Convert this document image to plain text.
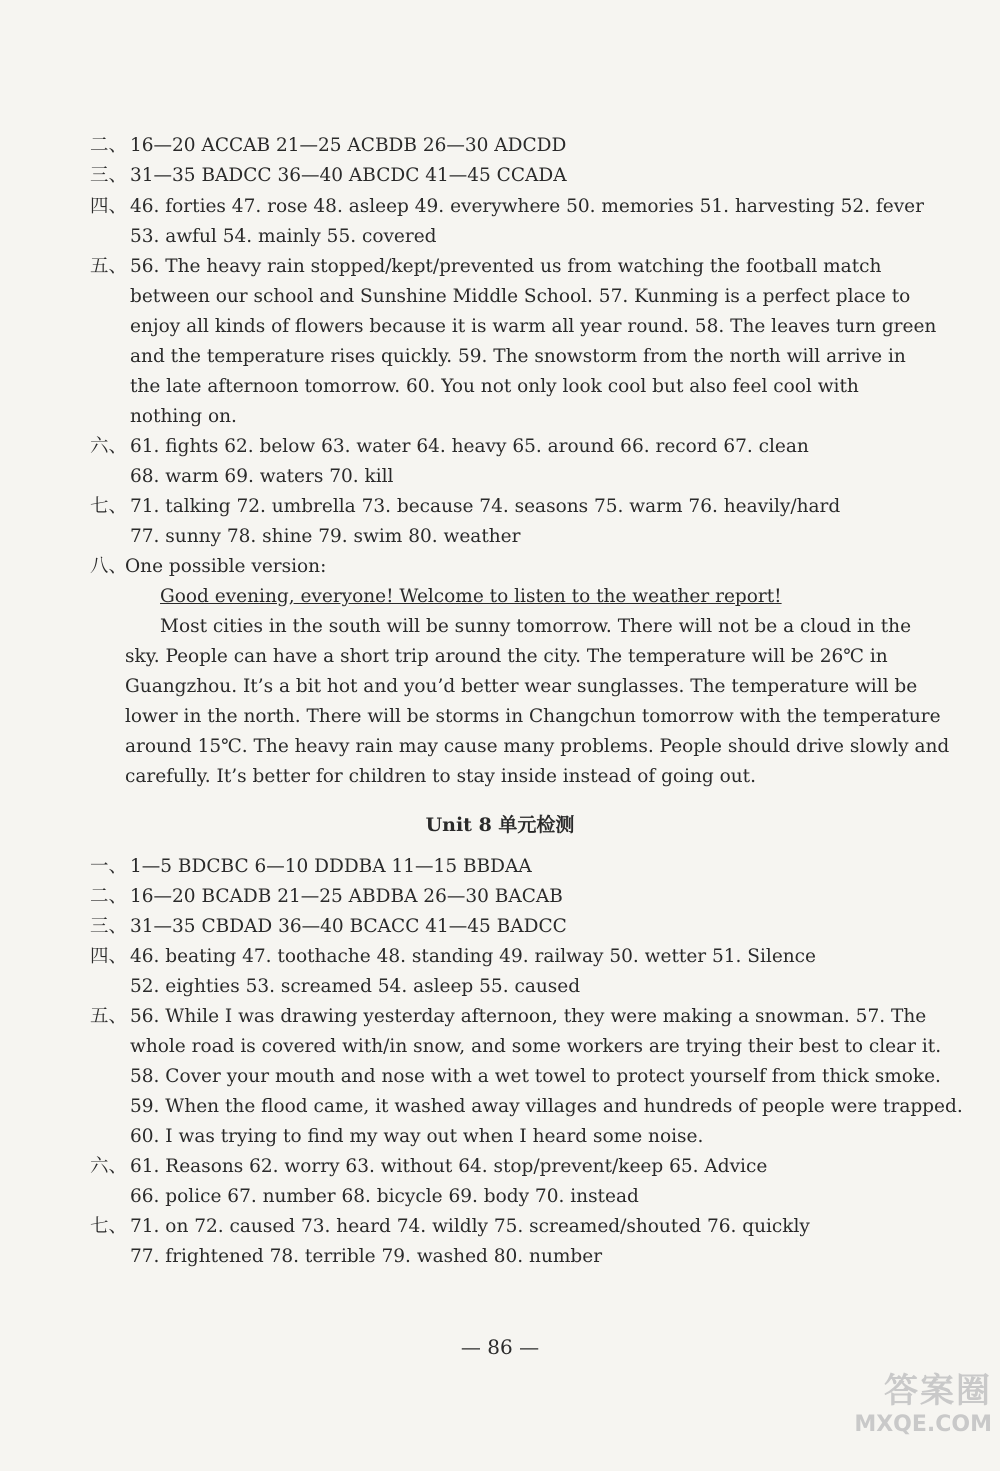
二、 16—20 ACCAB 21—25 ACBDB 26—30 ADCDD
三、 31—35 BADCC 36—40 ABCDC 41—45 CCADA
四、 46. forties 47. rose 48. asleep 49. everywhere 50. memories 51. harvesting 52. fever
53. awful 54. mainly 55. covered
五、 56. The heavy rain stopped/kept/prevented us from watching the football match
between our school and Sunshine Middle School. 57. Kunming is a perfect place to
enjoy all kinds of flowers because it is warm all year round. 58. The leaves turn green
and the temperature rises quickly. 59. The snowstorm from the north will arrive in
the late afternoon tomorrow. 60. You not only look cool but also feel cool with
nothing on.
六、 61. fights 62. below 63. water 64. heavy 65. around 66. record 67. clean
68. warm 69. waters 70. kill
七、 71. talking 72. umbrella 73. because 74. seasons 75. warm 76. heavily/hard
77. sunny 78. shine 79. swim 80. weather
八、One possible version:
Good evening, everyone! Welcome to listen to the weather report!
Most cities in the south will be sunny tomorrow. There will not be a cloud in the
sky. People can have a short trip around the city. The temperature will be 26℃ in
Guangzhou. It’s a bit hot and you’d better wear sunglasses. The temperature will be
lower in the north. There will be storms in Changchun tomorrow with the temperature
around 15℃. The heavy rain may cause many problems. People should drive slowly and
carefully. It’s better for children to stay inside instead of going out.
Unit 8 单元检测
一、 1—5 BDCBC 6—10 DDDBA 11—15 BBDAA
二、 16—20 BCADB 21—25 ABDBA 26—30 BACAB
三、 31—35 CBDAD 36—40 BCACC 41—45 BADCC
四、 46. beating 47. toothache 48. standing 49. railway 50. wetter 51. Silence
52. eighties 53. screamed 54. asleep 55. caused
五、 56. While I was drawing yesterday afternoon, they were making a snowman. 57. The
whole road is covered with/in snow, and some workers are trying their best to clear it.
58. Cover your mouth and nose with a wet towel to protect yourself from thick smoke.
59. When the flood came, it washed away villages and hundreds of people were trapped.
60. I was trying to find my way out when I heard some noise.
六、 61. Reasons 62. worry 63. without 64. stop/prevent/keep 65. Advice
66. police 67. number 68. bicycle 69. body 70. instead
七、 71. on 72. caused 73. heard 74. wildly 75. screamed/shouted 76. quickly
77. frightened 78. terrible 79. washed 80. number
— 86 —
答案圈
MXQE.COM
